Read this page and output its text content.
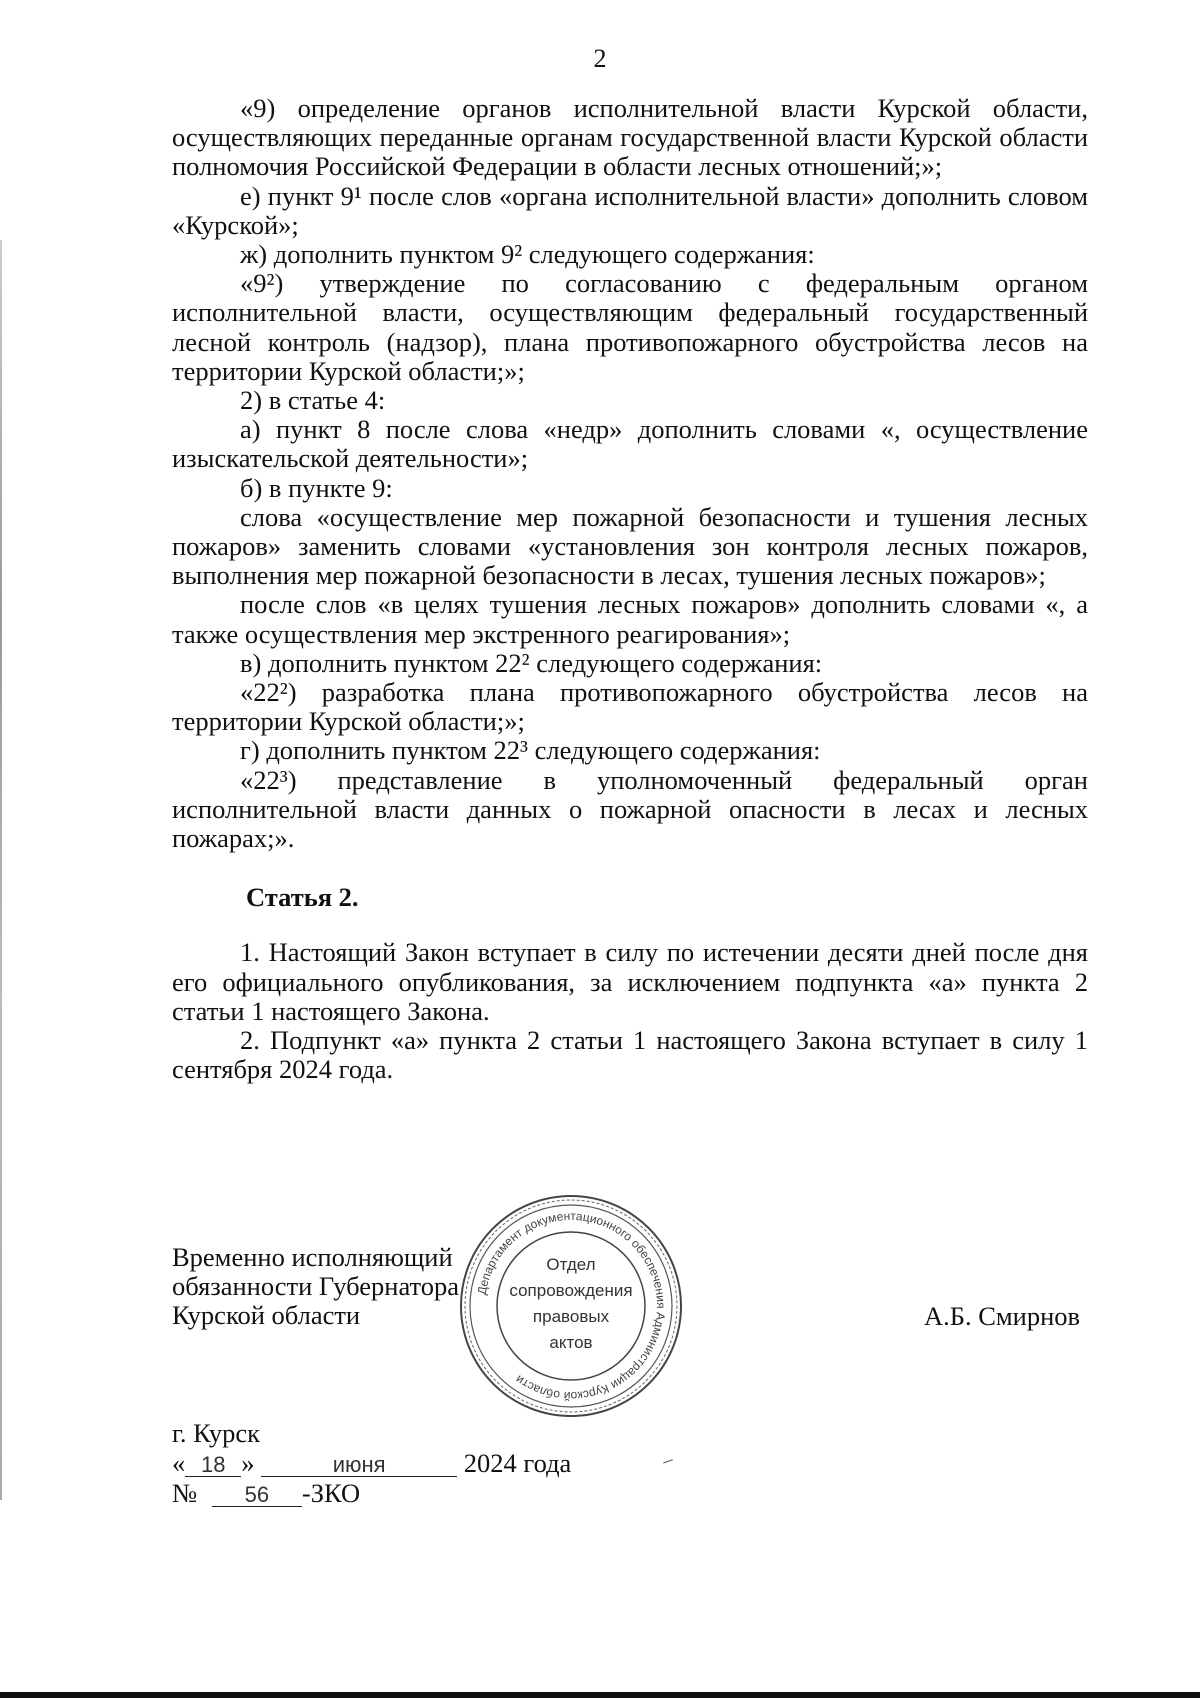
2

«9) определение органов исполнительной власти Курской области, осуществляющих переданные органам государственной власти Курской области полномочия Российской Федерации в области лесных отношений;»;

е) пункт 9¹ после слов «органа исполнительной власти» дополнить словом «Курской»;

ж) дополнить пунктом 9² следующего содержания:

«9²) утверждение по согласованию с федеральным органом исполнительной власти, осуществляющим федеральный государственный лесной контроль (надзор), плана противопожарного обустройства лесов на территории Курской области;»;

2) в статье 4:

а) пункт 8 после слова «недр» дополнить словами «, осуществление изыскательской деятельности»;

б) в пункте 9:

слова «осуществление мер пожарной безопасности и тушения лесных пожаров» заменить словами «установления зон контроля лесных пожаров, выполнения мер пожарной безопасности в лесах, тушения лесных пожаров»;

после слов «в целях тушения лесных пожаров» дополнить словами «, а также осуществления мер экстренного реагирования»;

в) дополнить пунктом 22² следующего содержания:

«22²) разработка плана противопожарного обустройства лесов на территории Курской области;»;

г) дополнить пунктом 22³ следующего содержания:

«22³) представление в уполномоченный федеральный орган исполнительной власти данных о пожарной опасности в лесах и лесных пожарах;».

Статья 2.

1. Настоящий Закон вступает в силу по истечении десяти дней после дня его официального опубликования, за исключением подпункта «а» пункта 2 статьи 1 настоящего Закона.

2. Подпункт «а» пункта 2 статьи 1 настоящего Закона вступает в силу 1 сентября 2024 года.

Временно исполняющий
обязанности Губернатора
Курской области
Департамент документационного обеспечения Администрации Курской области
Отдел
сопровождения
правовых
актов
А.Б. Смирнов
г. Курск
« 18 »	июня	2024 года
№ 56 -ЗКО
